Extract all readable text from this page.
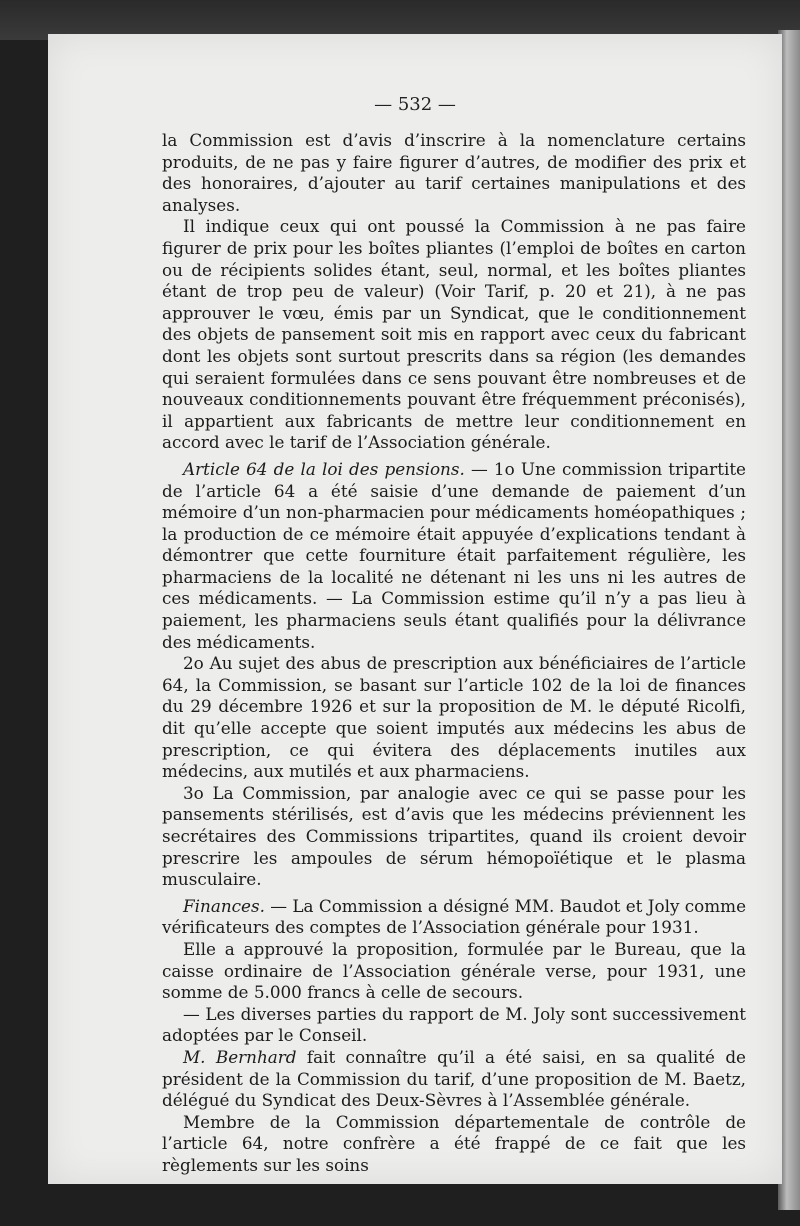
— 532 —

la Commission est d’avis d’inscrire à la nomenclature certains produits, de ne pas y faire figurer d’autres, de modifier des prix et des honoraires, d’ajouter au tarif certaines manipulations et des analyses.

Il indique ceux qui ont poussé la Commission à ne pas faire figurer de prix pour les boîtes pliantes (l’emploi de boîtes en carton ou de récipients solides étant, seul, normal, et les boîtes pliantes étant de trop peu de valeur) (Voir Tarif, p. 20 et 21), à ne pas approuver le vœu, émis par un Syndicat, que le conditionnement des objets de pansement soit mis en rapport avec ceux du fabricant dont les objets sont surtout prescrits dans sa région (les demandes qui seraient formulées dans ce sens pouvant être nombreuses et de nouveaux conditionnements pouvant être fréquemment préconisés), il appartient aux fabricants de mettre leur conditionnement en accord avec le tarif de l’Association générale.

Article 64 de la loi des pensions. — 1o Une commission tripartite de l’article 64 a été saisie d’une demande de paiement d’un mémoire d’un non-pharmacien pour médicaments homéopathiques ; la production de ce mémoire était appuyée d’explications tendant à démontrer que cette fourniture était parfaitement régulière, les pharmaciens de la localité ne détenant ni les uns ni les autres de ces médicaments. — La Commission estime qu’il n’y a pas lieu à paiement, les pharmaciens seuls étant qualifiés pour la délivrance des médicaments.

2o Au sujet des abus de prescription aux bénéficiaires de l’article 64, la Commission, se basant sur l’article 102 de la loi de finances du 29 décembre 1926 et sur la proposition de M. le député Ricolfi, dit qu’elle accepte que soient imputés aux médecins les abus de prescription, ce qui évitera des déplacements inutiles aux médecins, aux mutilés et aux pharmaciens.

3o La Commission, par analogie avec ce qui se passe pour les pansements stérilisés, est d’avis que les médecins préviennent les secrétaires des Commissions tripartites, quand ils croient devoir prescrire les ampoules de sérum hémopoïétique et le plasma musculaire.

Finances. — La Commission a désigné MM. Baudot et Joly comme vérificateurs des comptes de l’Association générale pour 1931.

Elle a approuvé la proposition, formulée par le Bureau, que la caisse ordinaire de l’Association générale verse, pour 1931, une somme de 5.000 francs à celle de secours.

— Les diverses parties du rapport de M. Joly sont successivement adoptées par le Conseil.

M. Bernhard fait connaître qu’il a été saisi, en sa qualité de président de la Commission du tarif, d’une proposition de M. Baetz, délégué du Syndicat des Deux-Sèvres à l’Assemblée générale.

Membre de la Commission départementale de contrôle de l’article 64, notre confrère a été frappé de ce fait que les règlements sur les soins
